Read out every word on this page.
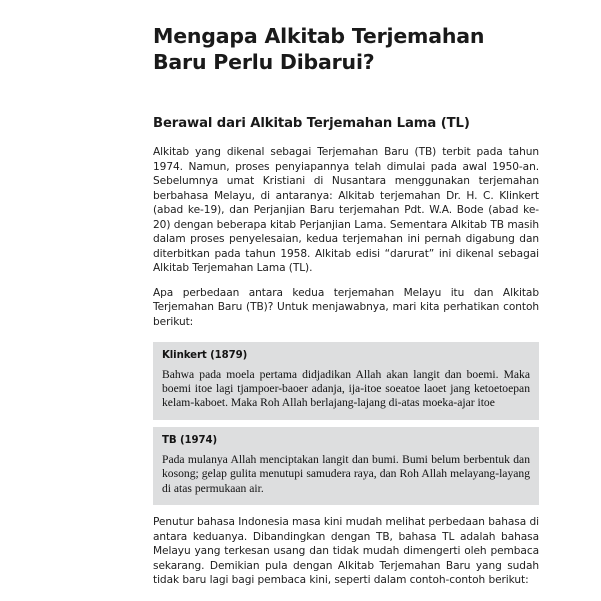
Mengapa Alkitab Terjemahan Baru Perlu Dibarui?
Berawal dari Alkitab Terjemahan Lama (TL)

Alkitab yang dikenal sebagai Terjemahan Baru (TB) terbit pada tahun 1974. Namun, proses penyiapannya telah dimulai pada awal 1950-an. Sebelumnya umat Kristiani di Nusantara menggunakan terjemahan berbahasa Melayu, di antaranya: Alkitab terjemahan Dr. H. C. Klinkert (abad ke-19), dan Perjanjian Baru terjemahan Pdt. W.A. Bode (abad ke-20) dengan beberapa kitab Perjanjian Lama. Sementara Alkitab TB masih dalam proses penyelesaian, kedua terjemahan ini pernah digabung dan diterbitkan pada tahun 1958. Alkitab edisi “darurat” ini dikenal sebagai Alkitab Terjemahan Lama (TL).

Apa perbedaan antara kedua terjemahan Melayu itu dan Alkitab Terjemahan Baru (TB)? Untuk menjawabnya, mari kita perhatikan contoh berikut:

Klinkert (1879)

Bahwa pada moela pertama didjadikan Allah akan langit dan boemi. Maka boemi itoe lagi tjampoer-baoer adanja, ija-itoe soeatoe laoet jang ketoetoepan kelam-kaboet. Maka Roh Allah berlajang-lajang di-atas moeka-ajar itoe

TB (1974)

Pada mulanya Allah menciptakan langit dan bumi. Bumi belum berbentuk dan kosong; gelap gulita menutupi samudera raya, dan Roh Allah melayang-layang di atas permukaan air.

Penutur bahasa Indonesia masa kini mudah melihat perbedaan bahasa di antara keduanya. Dibandingkan dengan TB, bahasa TL adalah bahasa Melayu yang terkesan usang dan tidak mudah dimengerti oleh pembaca sekarang. Demikian pula dengan Alkitab Terjemahan Baru yang sudah tidak baru lagi bagi pembaca kini, seperti dalam contoh-contoh berikut:
